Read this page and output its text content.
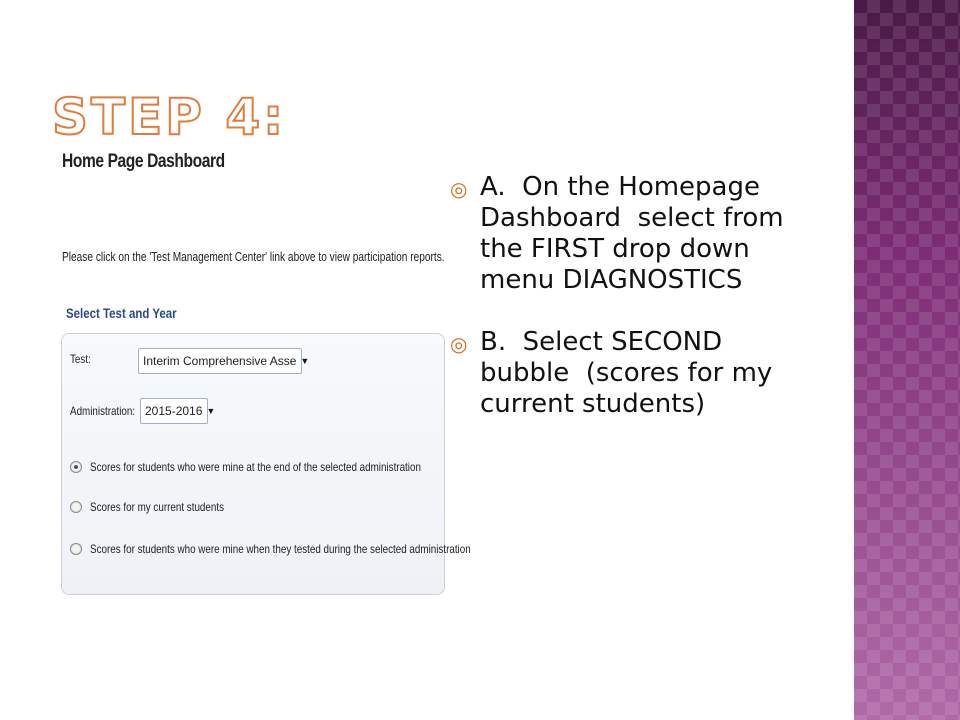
STEP 4:
Home Page Dashboard
Please click on the 'Test Management Center' link above to view participation reports.
Select Test and Year
Test:	Interim Comprehensive Asse ▼
Administration: 2015-2016 ▼
Scores for students who were mine at the end of the selected administration
Scores for my current students
Scores for students who were mine when they tested during the selected administration
◎ A.  On the Homepage Dashboard  select from the FIRST drop down menu DIAGNOSTICS
◎ B.  Select SECOND bubble  (scores for my current students)
